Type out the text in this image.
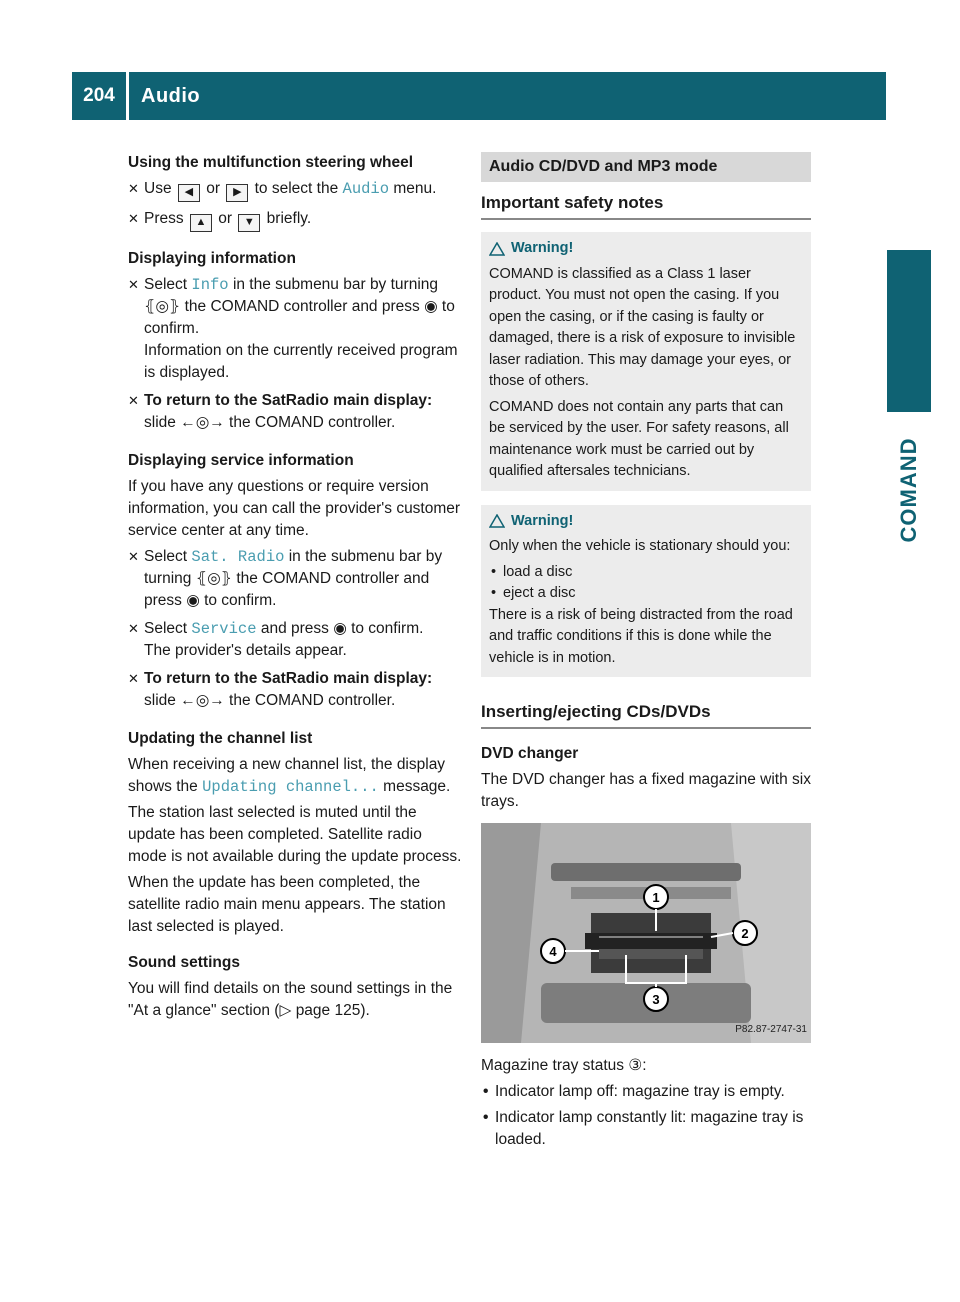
204	Audio
COMAND
Using the multifunction steering wheel
✕ Use ◀ or ▶ to select the Audio menu.
✕ Press ▲ or ▼ briefly.
Displaying information
✕ Select Info in the submenu bar by turning ⦃◎⦄ the COMAND controller and press ◉ to confirm.
Information on the currently received program is displayed.
✕ To return to the SatRadio main display: slide ←◎→ the COMAND controller.
Displaying service information
If you have any questions or require version information, you can call the provider's customer service center at any time.
✕ Select Sat. Radio in the submenu bar by turning ⦃◎⦄ the COMAND controller and press ◉ to confirm.
✕ Select Service and press ◉ to confirm.
The provider's details appear.
✕ To return to the SatRadio main display: slide ←◎→ the COMAND controller.
Updating the channel list
When receiving a new channel list, the display shows the Updating channel... message.
The station last selected is muted until the update has been completed. Satellite radio mode is not available during the update process.
When the update has been completed, the satellite radio main menu appears. The station last selected is played.
Sound settings
You will find details on the sound settings in the "At a glance" section (▷ page 125).
Audio CD/DVD and MP3 mode
Important safety notes
Warning!
COMAND is classified as a Class 1 laser product. You must not open the casing. If you open the casing, or if the casing is faulty or damaged, there is a risk of exposure to invisible laser radiation. This may damage your eyes, or those of others.
COMAND does not contain any parts that can be serviced by the user. For safety reasons, all maintenance work must be carried out by qualified aftersales technicians.
Warning!
Only when the vehicle is stationary should you:
• load a disc
• eject a disc
There is a risk of being distracted from the road and traffic conditions if this is done while the vehicle is in motion.
Inserting/ejecting CDs/DVDs
DVD changer
The DVD changer has a fixed magazine with six trays.
1
2
3
4
P82.87-2747-31
Magazine tray status ③:
• Indicator lamp off: magazine tray is empty.
• Indicator lamp constantly lit: magazine tray is loaded.
